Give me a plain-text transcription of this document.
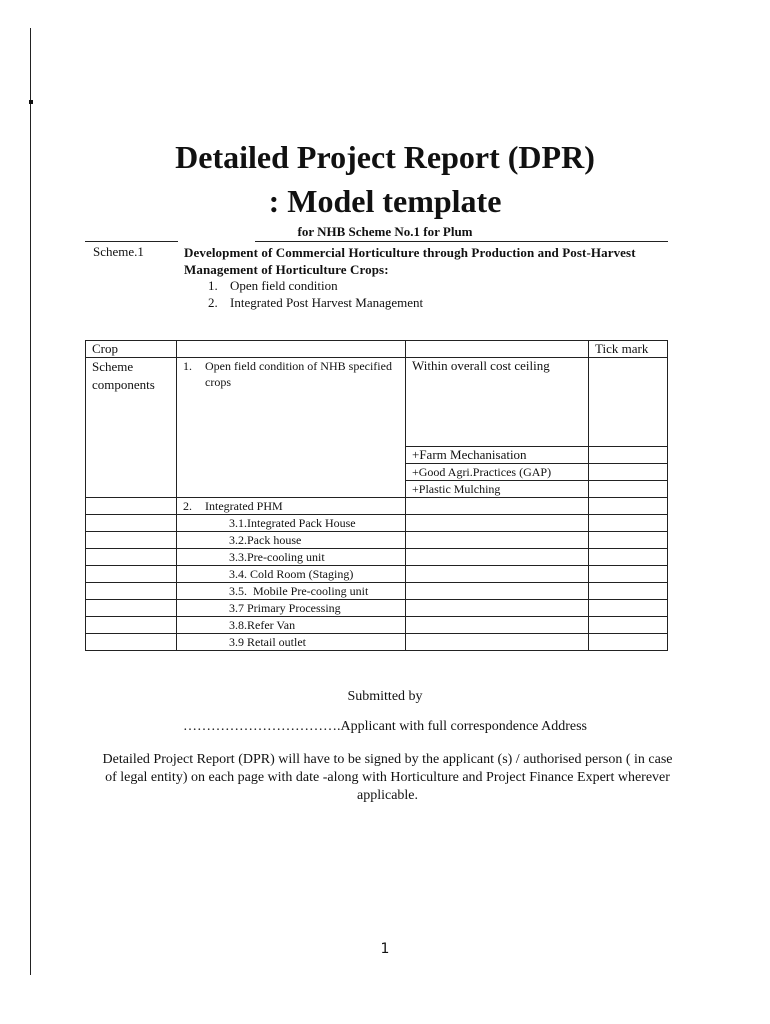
Detailed Project Report (DPR)
: Model template
for NHB Scheme No.1 for Plum
Scheme.1	Development of Commercial Horticulture through Production and Post-Harvest Management of Horticulture Crops:
1. Open field condition
2. Integrated Post Harvest Management
Crop			Tick mark
Scheme components	1. Open field condition of NHB specified crops	Within overall cost ceiling	
		+Farm Mechanisation	
		+Good Agri.Practices (GAP)	
		+Plastic Mulching	
	2. Integrated PHM		
	3.1.Integrated Pack House		
	3.2.Pack house		
	3.3.Pre-cooling unit		
	3.4. Cold Room (Staging)		
	3.5.  Mobile Pre-cooling unit		
	3.7 Primary Processing		
	3.8.Refer Van		
	3.9 Retail outlet		
Submitted by
…………………………….Applicant with full correspondence Address
Detailed Project Report (DPR) will have to be signed by the applicant (s) / authorised person ( in case of legal entity) on each page with date -along with Horticulture and Project Finance Expert wherever applicable.
1
